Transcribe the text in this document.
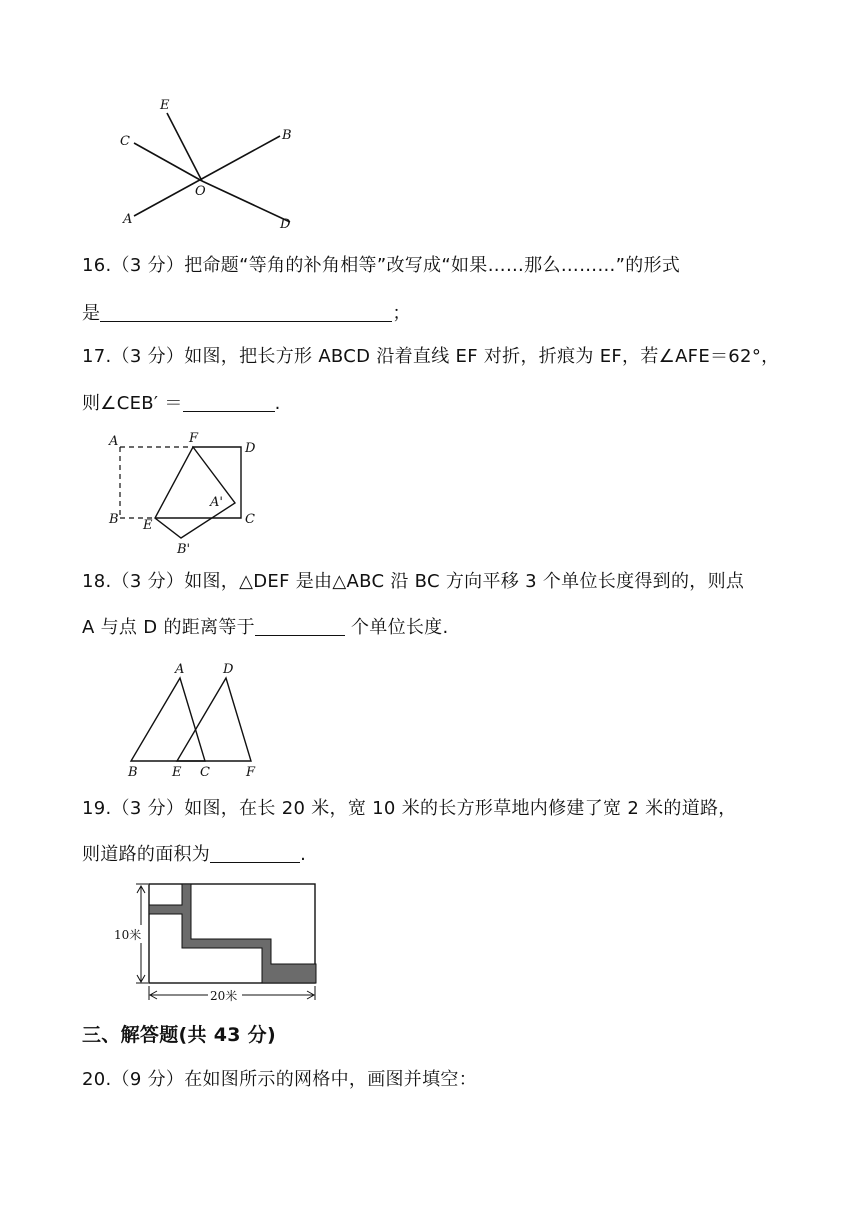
E
C	B
O
A	D
16.（3 分）把命题“等角的补角相等”改写成“如果……那么………”的形式
是	；
17.（3 分）如图，把长方形 ABCD 沿着直线 EF 对折，折痕为 EF，若∠AFE＝62°，
则∠CEB′ ＝	.
A	F
D
A'
B E	C
B'
18.（3 分）如图，△DEF 是由△ABC 沿 BC 方向平移 3 个单位长度得到的，则点
A 与点 D 的距离等于	个单位长度.
A	D
B	E C	F
19.（3 分）如图，在长 20 米，宽 10 米的长方形草地内修建了宽 2 米的道路，
则道路的面积为	.
10米
20米
三、解答题(共 43 分)
20.（9 分）在如图所示的网格中，画图并填空：
